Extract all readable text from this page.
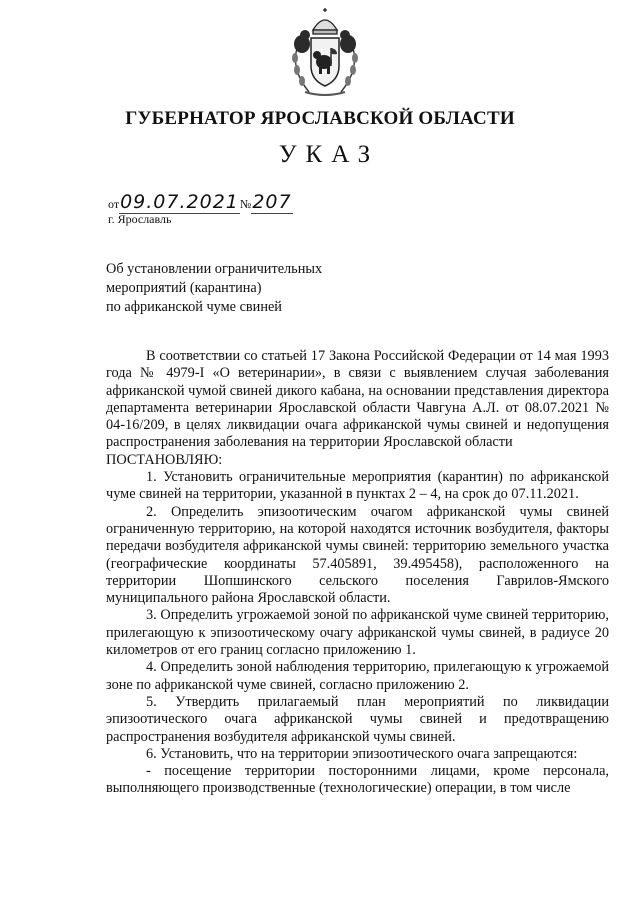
ГУБЕРНАТОР ЯРОСЛАВСКОЙ ОБЛАСТИ
УКАЗ
от09.07.2021№207
г. Ярославль
Об установлении ограничительных
мероприятий (карантина)
по африканской чуме свиней

В соответствии со статьей 17 Закона Российской Федерации от 14 мая 1993 года № 4979-I «О ветеринарии», в связи с выявлением случая заболевания африканской чумой свиней дикого кабана, на основании представления директора департамента ветеринарии Ярославской области Чавгуна А.Л. от 08.07.2021 № 04-16/209, в целях ликвидации очага африканской чумы свиней и недопущения распространения заболевания на территории Ярославской области

ПОСТАНОВЛЯЮ:

1. Установить ограничительные мероприятия (карантин) по африканской чуме свиней на территории, указанной в пунктах 2 – 4, на срок до 07.11.2021.

2. Определить эпизоотическим очагом африканской чумы свиней ограниченную территорию, на которой находятся источник возбудителя, факторы передачи возбудителя африканской чумы свиней: территорию земельного участка (географические координаты 57.405891, 39.495458), расположенного на территории Шопшинского сельского поселения Гаврилов-Ямского муниципального района Ярославской области.

3. Определить угрожаемой зоной по африканской чуме свиней территорию, прилегающую к эпизоотическому очагу африканской чумы свиней, в радиусе 20 километров от его границ согласно приложению 1.

4. Определить зоной наблюдения территорию, прилегающую к угрожаемой зоне по африканской чуме свиней, согласно приложению 2.

5. Утвердить прилагаемый план мероприятий по ликвидации эпизоотического очага африканской чумы свиней и предотвращению распространения возбудителя африканской чумы свиней.

6. Установить, что на территории эпизоотического очага запрещаются:

- посещение территории посторонними лицами, кроме персонала, выполняющего производственные (технологические) операции, в том числе
